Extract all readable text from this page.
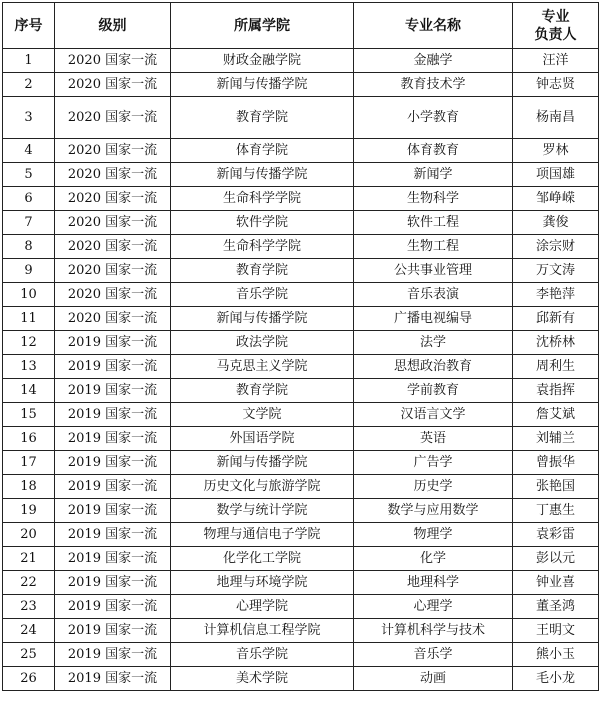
序号	级别	所属学院	专业名称	专业
负责人

1	2020 国家一流	财政金融学院	金融学	汪洋
2	2020 国家一流	新闻与传播学院	教育技术学	钟志贤
3	2020 国家一流	教育学院	小学教育	杨南昌
4	2020 国家一流	体育学院	体育教育	罗林
5	2020 国家一流	新闻与传播学院	新闻学	项国雄
6	2020 国家一流	生命科学学院	生物科学	邹峥嵘
7	2020 国家一流	软件学院	软件工程	龚俊
8	2020 国家一流	生命科学学院	生物工程	涂宗财
9	2020 国家一流	教育学院	公共事业管理	万文涛
10	2020 国家一流	音乐学院	音乐表演	李艳萍
11	2020 国家一流	新闻与传播学院	广播电视编导	邱新有
12	2019 国家一流	政法学院	法学	沈桥林
13	2019 国家一流	马克思主义学院	思想政治教育	周利生
14	2019 国家一流	教育学院	学前教育	袁指挥
15	2019 国家一流	文学院	汉语言文学	詹艾斌
16	2019 国家一流	外国语学院	英语	刘辅兰
17	2019 国家一流	新闻与传播学院	广告学	曾振华
18	2019 国家一流	历史文化与旅游学院	历史学	张艳国
19	2019 国家一流	数学与统计学院	数学与应用数学	丁惠生
20	2019 国家一流	物理与通信电子学院	物理学	袁彩雷
21	2019 国家一流	化学化工学院	化学	彭以元
22	2019 国家一流	地理与环境学院	地理科学	钟业喜
23	2019 国家一流	心理学院	心理学	董圣鸿
24	2019 国家一流	计算机信息工程学院	计算机科学与技术	王明文
25	2019 国家一流	音乐学院	音乐学	熊小玉
26	2019 国家一流	美术学院	动画	毛小龙
